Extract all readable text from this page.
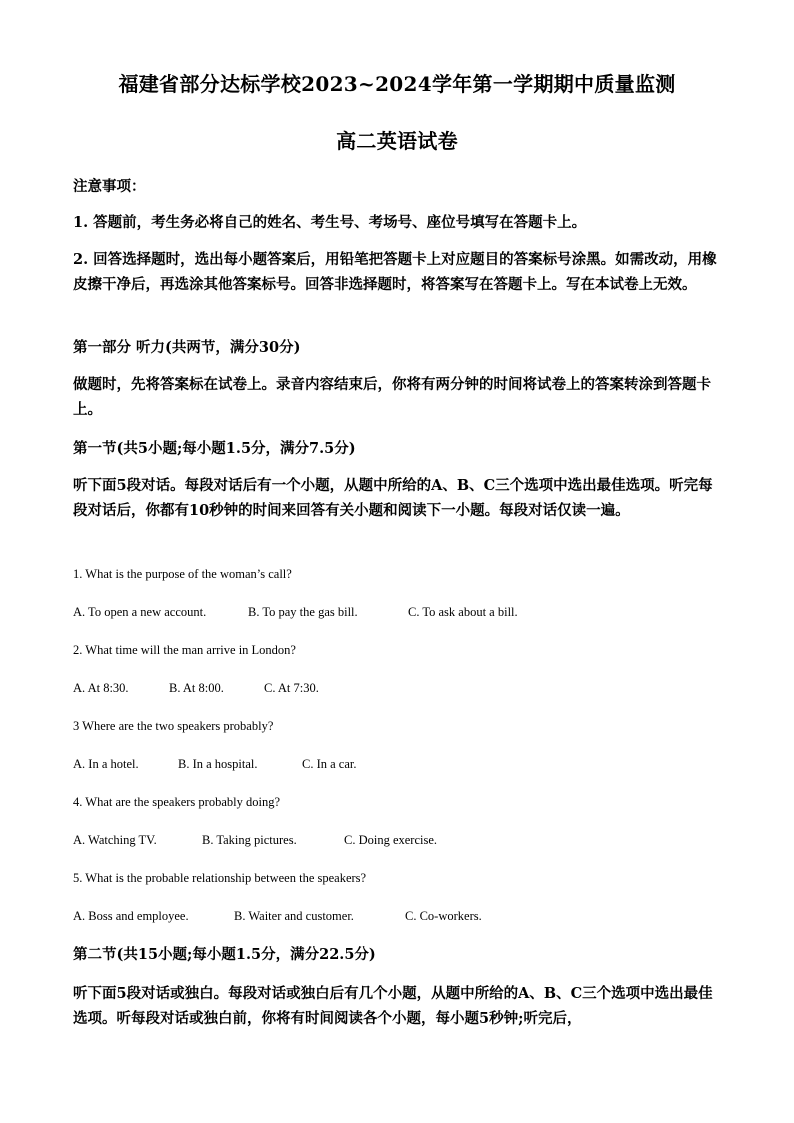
福建省部分达标学校2023~2024学年第一学期期中质量监测
高二英语试卷
注意事项：
1. 答题前，考生务必将自己的姓名、考生号、考场号、座位号填写在答题卡上。
2. 回答选择题时，选出每小题答案后，用铅笔把答题卡上对应题目的答案标号涂黑。如需改动，用橡皮擦干净后，再选涂其他答案标号。回答非选择题时，将答案写在答题卡上。写在本试卷上无效。
第一部分 听力(共两节，满分30分)
做题时，先将答案标在试卷上。录音内容结束后，你将有两分钟的时间将试卷上的答案转涂到答题卡上。
第一节(共5小题;每小题1.5分，满分7.5分)
听下面5段对话。每段对话后有一个小题，从题中所给的A、B、C三个选项中选出最佳选项。听完每段对话后，你都有10秒钟的时间来回答有关小题和阅读下一小题。每段对话仅读一遍。
1. What is the purpose of the woman’s call?
A. To open a new account.	B. To pay the gas bill.	C. To ask about a bill.
2. What time will the man arrive in London?
A. At 8:30.	B. At 8:00.	C. At 7:30.
3 Where are the two speakers probably?
A. In a hotel.	B. In a hospital.	C. In a car.
4. What are the speakers probably doing?
A. Watching TV.	B. Taking pictures.	C. Doing exercise.
5. What is the probable relationship between the speakers?
A. Boss and employee.	B. Waiter and customer.	C. Co-workers.
第二节(共15小题;每小题1.5分，满分22.5分)
听下面5段对话或独白。每段对话或独白后有几个小题，从题中所给的A、B、C三个选项中选出最佳选项。听每段对话或独白前，你将有时间阅读各个小题，每小题5秒钟;听完后，
